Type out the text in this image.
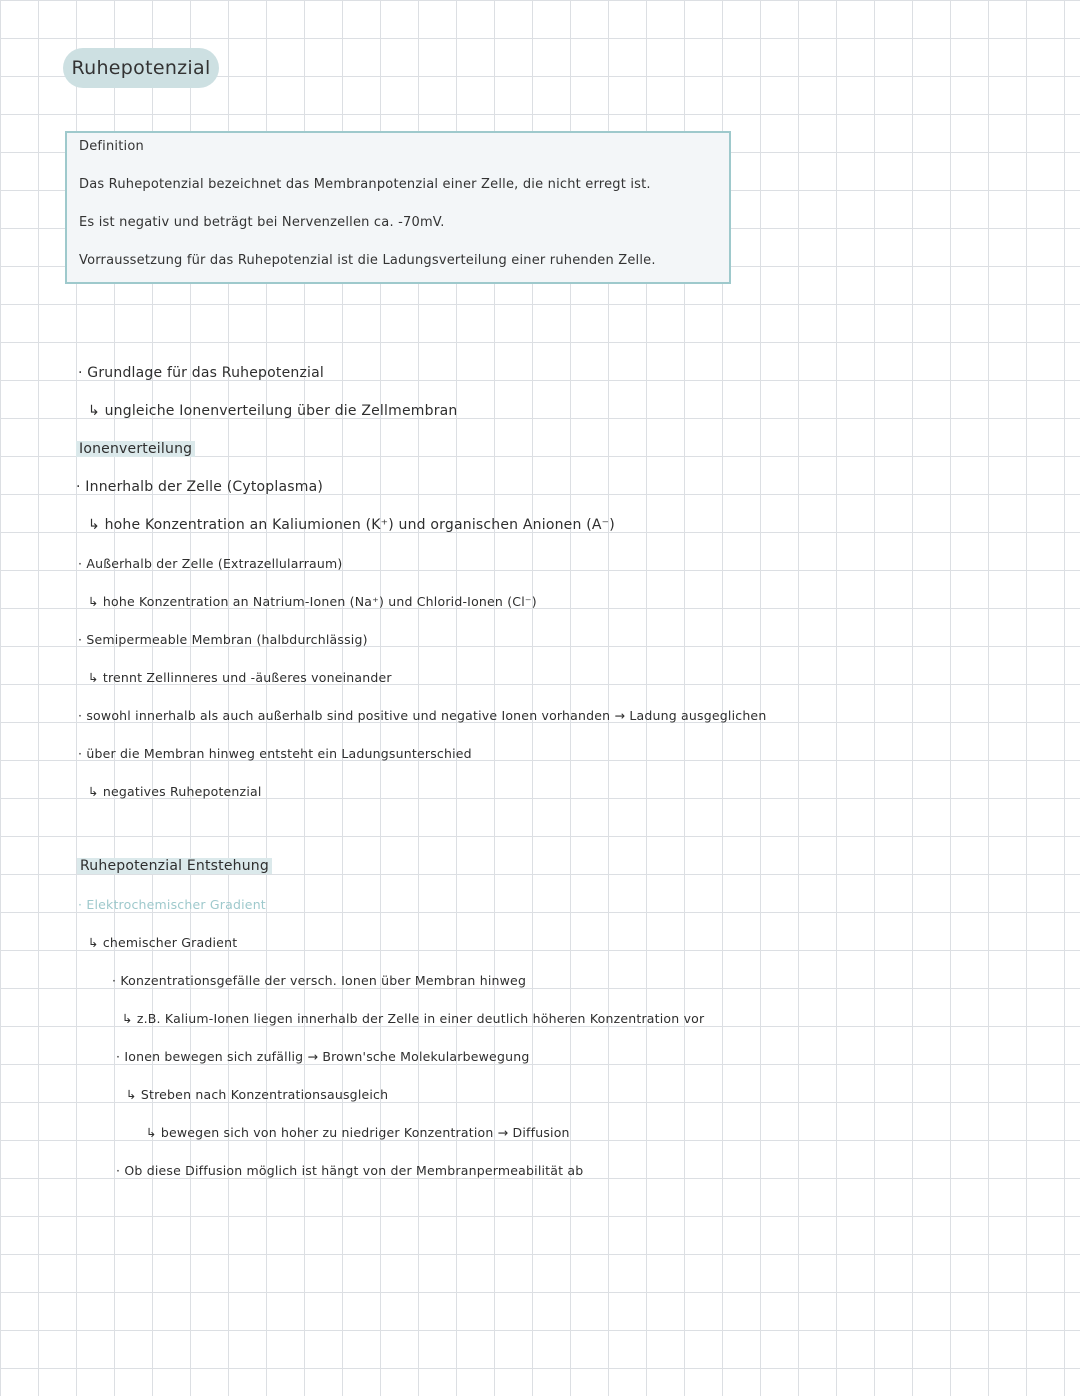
Ruhepotenzial
Definition
Das Ruhepotenzial bezeichnet das Membranpotenzial einer Zelle, die nicht erregt ist.
Es ist negativ und beträgt bei Nervenzellen ca. -70mV.
Vorraussetzung für das Ruhepotenzial ist die Ladungsverteilung einer ruhenden Zelle.
· Grundlage für das Ruhepotenzial
↳ ungleiche Ionenverteilung über die Zellmembran
Ionenverteilung
· Innerhalb der Zelle (Cytoplasma)
↳ hohe Konzentration an Kaliumionen (K⁺) und organischen Anionen (A⁻)
· Außerhalb der Zelle (Extrazellularraum)
↳ hohe Konzentration an Natrium-Ionen (Na⁺) und Chlorid-Ionen (Cl⁻)
· Semipermeable Membran (halbdurchlässig)
↳ trennt Zellinneres und -äußeres voneinander
· sowohl innerhalb als auch außerhalb sind positive und negative Ionen vorhanden → Ladung ausgeglichen
· über die Membran hinweg entsteht ein Ladungsunterschied
↳ negatives Ruhepotenzial
Ruhepotenzial Entstehung
· Elektrochemischer Gradient
↳ chemischer Gradient
· Konzentrationsgefälle der versch. Ionen über Membran hinweg
↳ z.B. Kalium-Ionen liegen innerhalb der Zelle in einer deutlich höheren Konzentration vor
· Ionen bewegen sich zufällig → Brown'sche Molekularbewegung
↳ Streben nach Konzentrationsausgleich
↳ bewegen sich von hoher zu niedriger Konzentration → Diffusion
· Ob diese Diffusion möglich ist hängt von der Membranpermeabilität ab
